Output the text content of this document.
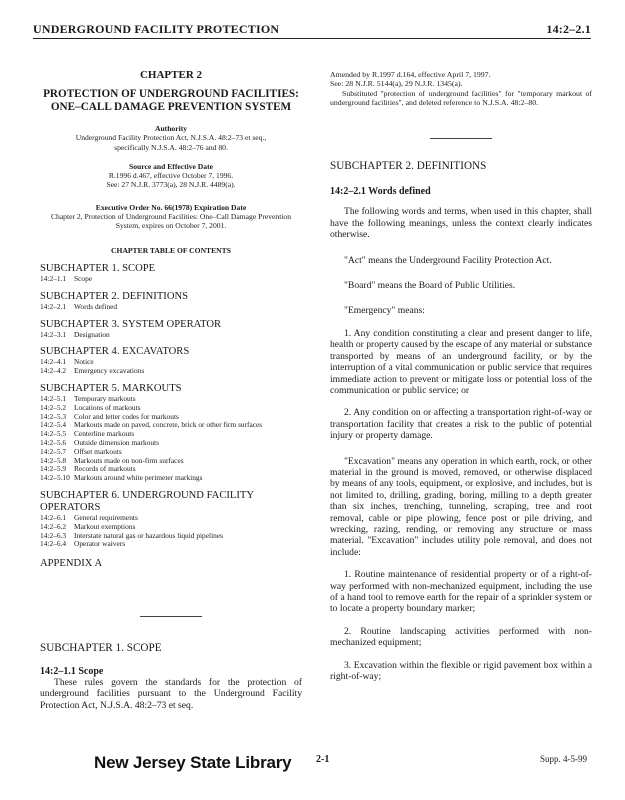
UNDERGROUND FACILITY PROTECTION	14:2–2.1
CHAPTER 2
PROTECTION OF UNDERGROUND FACILITIES: ONE–CALL DAMAGE PREVENTION SYSTEM
Authority
Underground Facility Protection Act, N.J.S.A. 48:2–73 et seq., specifically N.J.S.A. 48:2–76 and 80.
Source and Effective Date
R.1996 d.467, effective October 7, 1996.
See: 27 N.J.R. 3773(a), 28 N.J.R. 4489(a).
Executive Order No. 66(1978) Expiration Date
Chapter 2, Protection of Underground Facilities: One–Call Damage Prevention System, expires on October 7, 2001.
CHAPTER TABLE OF CONTENTS
SUBCHAPTER 1. SCOPE
14:2–1.1	Scope
SUBCHAPTER 2. DEFINITIONS
14:2–2.1	Words defined
SUBCHAPTER 3. SYSTEM OPERATOR
14:2–3.1	Designation
SUBCHAPTER 4. EXCAVATORS
14:2–4.1	Notice
14:2–4.2	Emergency excavations
SUBCHAPTER 5. MARKOUTS
14:2–5.1	Temporary markouts
14:2–5.2	Locations of markouts
14:2–5.3	Color and letter codes for markouts
14:2–5.4	Markouts made on paved, concrete, brick or other firm surfaces
14:2–5.5	Centerline markouts
14:2–5.6	Outside dimension markouts
14:2–5.7	Offset markouts
14:2–5.8	Markouts made on non-firm surfaces
14:2–5.9	Records of markouts
14:2–5.10 Markouts around white perimeter markings
SUBCHAPTER 6. UNDERGROUND FACILITY OPERATORS
14:2–6.1	General requirements
14:2–6.2	Markout exemptions
14:2–6.3	Interstate natural gas or hazardous liquid pipelines
14:2–6.4	Operator waivers
APPENDIX A
SUBCHAPTER 1. SCOPE
14:2–1.1 Scope

These rules govern the standards for the protection of underground facilities pursuant to the Underground Facility Protection Act, N.J.S.A. 48:2–73 et seq.

Amended by R.1997 d.164, effective April 7, 1997.
See: 28 N.J.R. 5144(a), 29 N.J.R. 1345(a).
Substituted "protection of underground facilities" for "temporary markout of underground facilities", and deleted reference to N.J.S.A. 48:2–80.
SUBCHAPTER 2. DEFINITIONS
14:2–2.1 Words defined

The following words and terms, when used in this chapter, shall have the following meanings, unless the context clearly indicates otherwise.

"Act" means the Underground Facility Protection Act.

"Board" means the Board of Public Utilities.

"Emergency" means:

1. Any condition constituting a clear and present danger to life, health or property caused by the escape of any material or substance transported by means of an underground facility, or by the interruption of a vital communication or public service that requires immediate action to prevent or mitigate loss or potential loss of the communication or public service; or

2. Any condition on or affecting a transportation right-of-way or transportation facility that creates a risk to the public of potential injury or property damage.

"Excavation" means any operation in which earth, rock, or other material in the ground is moved, removed, or otherwise displaced by means of any tools, equipment, or explosive, and includes, but is not limited to, drilling, grading, boring, milling to a depth greater than six inches, trenching, tunneling, scraping, tree and root removal, cable or pipe plowing, fence post or pile driving, and wrecking, razing, rending, or removing any structure or mass material. "Excavation" includes utility pole removal, and does not include:

1. Routine maintenance of residential property or of a right-of-way performed with non-mechanized equipment, including the use of a hand tool to remove earth for the repair of a sprinkler system or to locate a property boundary marker;

2. Routine landscaping activities performed with non-mechanized equipment;

3. Excavation within the flexible or rigid pavement box within a right-of-way;

New Jersey State Library 2-1	Supp. 4-5-99
